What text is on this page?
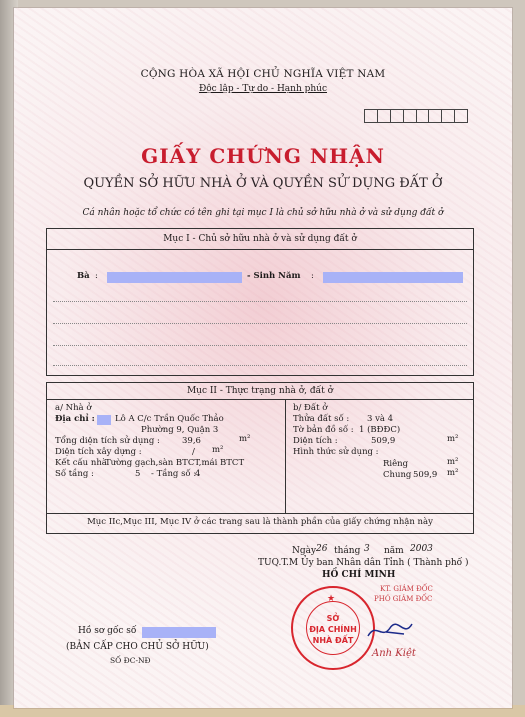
CỘNG HÒA XÃ HỘI CHỦ NGHĨA VIỆT NAM
Độc lập - Tự do - Hạnh phúc
GIẤY CHỨNG NHẬN
QUYỀN SỞ HỮU NHÀ Ở VÀ QUYỀN SỬ DỤNG ĐẤT Ở
Cá nhân hoặc tổ chức có tên ghi tại mục I là chủ sở hữu nhà ở và sử dụng đất ở
Mục I - Chủ sở hữu nhà ở và sử dụng đất ở
Bà :	- Sinh Năm :
Mục II - Thực trạng nhà ở, đất ở
a/ Nhà ở
Địa chỉ : Lô A C/c Trần Quốc Thảo
Phường 9, Quận 3
Tổng diện tích sử dụng :	39,6	m²
Diện tích xây dựng :	/ m²
Kết cấu nhà
Tường gạch,sàn BTCT,mái BTCT
Số tầng :	5 - Tầng số :
4
b/ Đất ở
Thửa đất số : 3 và 4
Tờ bản đồ số : 1 (BĐĐC)
Diện tích :	509,9	m²
Hình thức sử dụng :
Riêng	m²
Chung 509,9 m²
Mục IIc,Mục III, Mục IV ở các trang sau là thành phần của giấy chứng nhận này
Ngày 26 tháng 3 năm 2003
TUQ.T.M Ủy ban Nhân dân Tỉnh ( Thành phố )
HỒ CHÍ MINH
KT. GIÁM ĐỐC
PHÓ GIÁM ĐỐC
★
SỞ
ĐỊA CHÍNH
NHÀ ĐẤT
Anh Kiệt
Hồ sơ gốc số
(BẢN CẤP CHO CHỦ SỞ HỮU)
SỐ ĐC-NĐ
